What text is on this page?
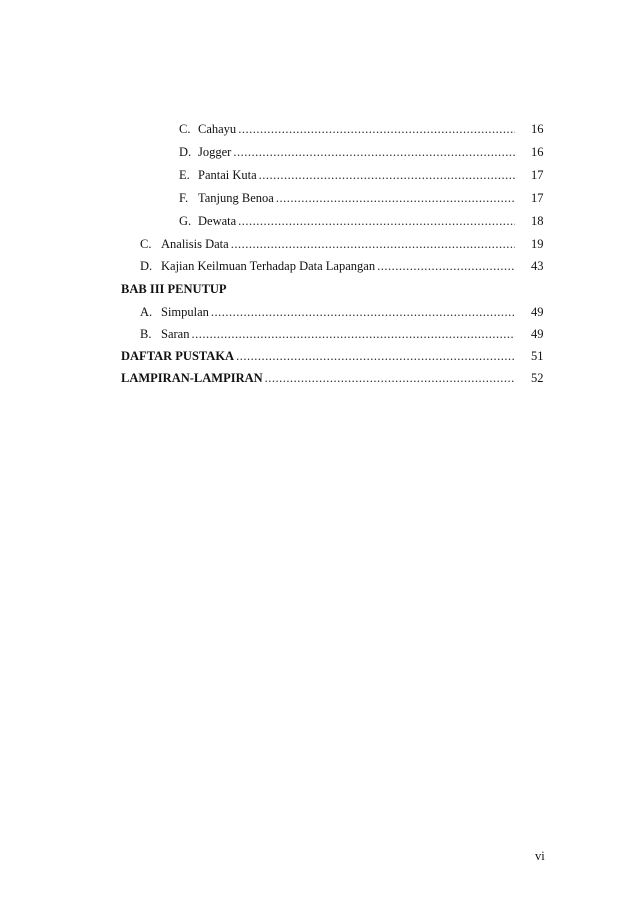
C. Cahayu .....	16
D. Jogger .....	16
E. Pantai Kuta .....	17
F. Tanjung Benoa .....	17
G. Dewata .....	18
C. Analisis Data .....	19
D. Kajian Keilmuan Terhadap Data Lapangan .....	43
BAB III PENUTUP
A. Simpulan .....	49
B. Saran .....	49
DAFTAR PUSTAKA .....	51
LAMPIRAN-LAMPIRAN .....	52
vi
